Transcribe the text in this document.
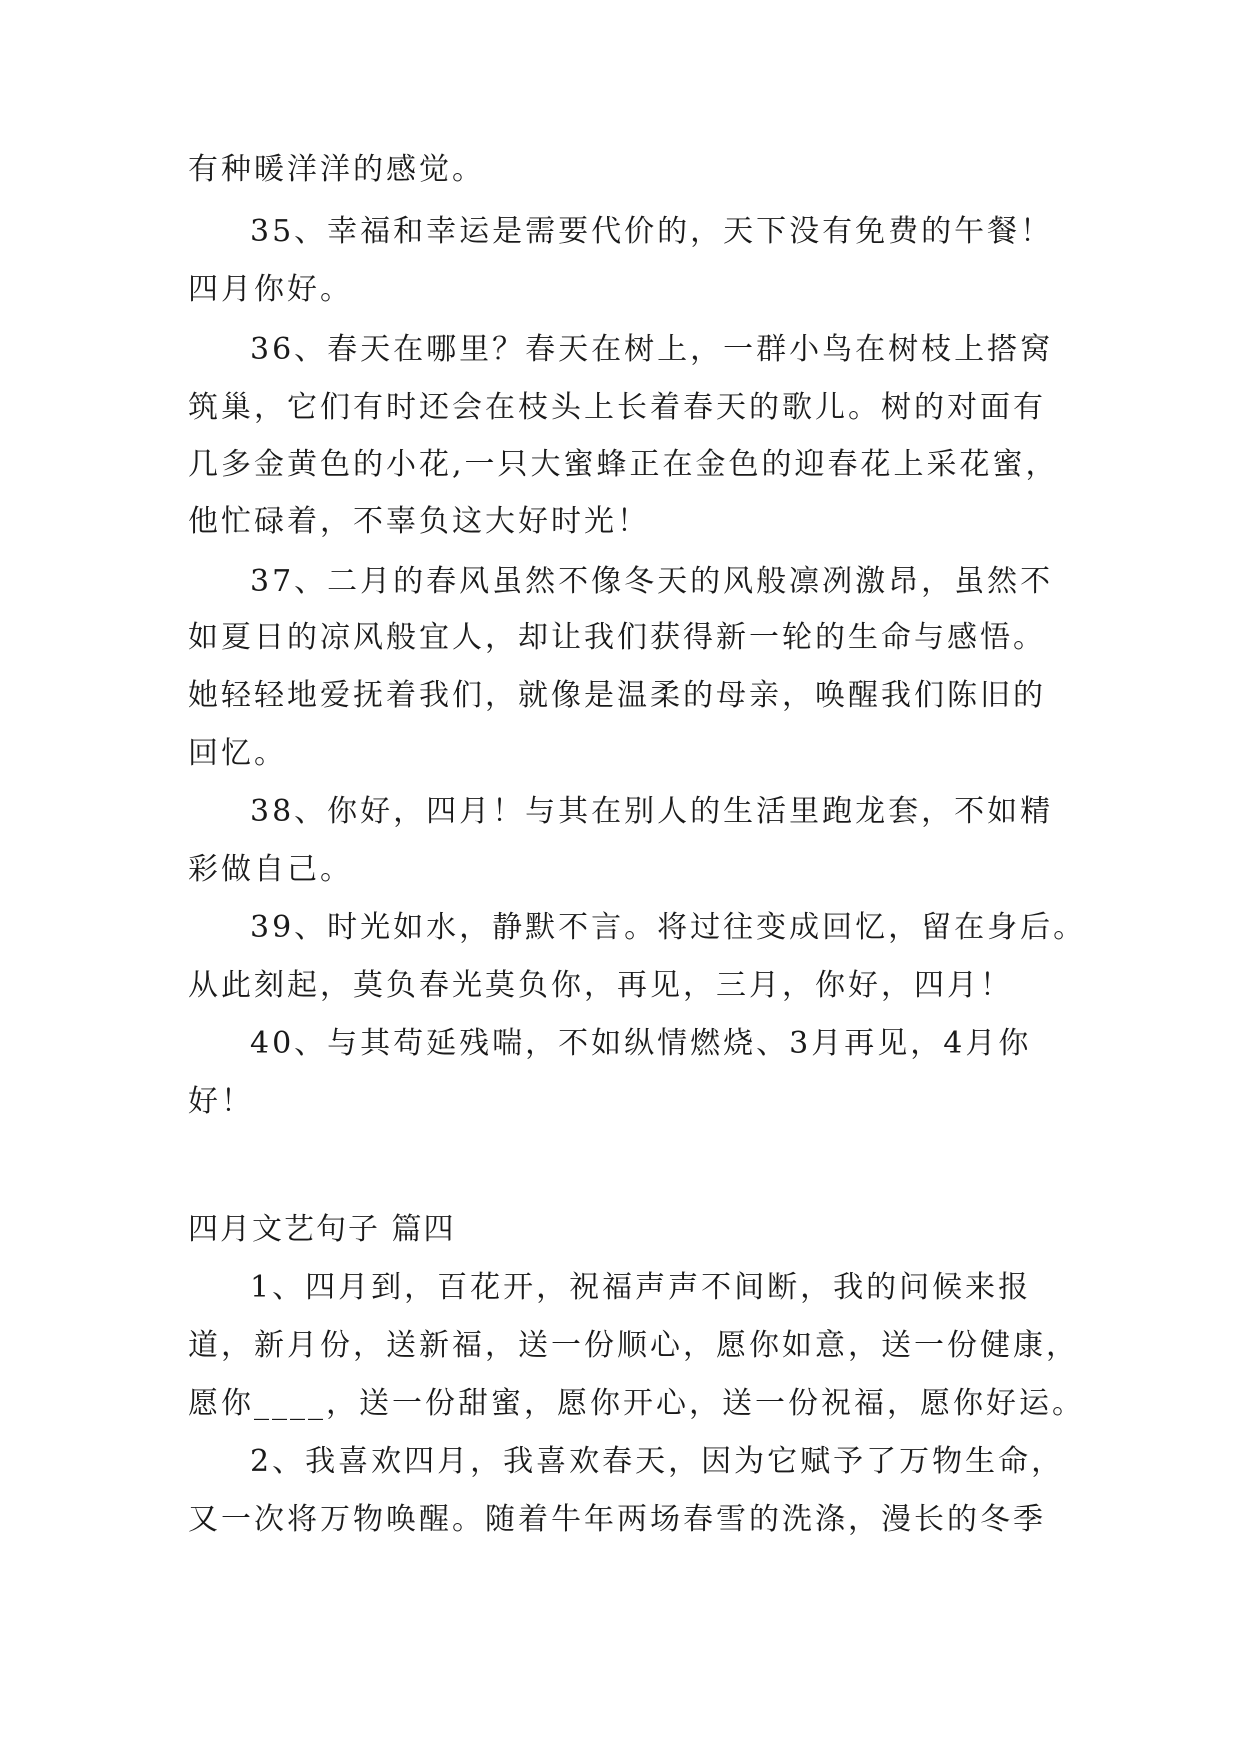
有种暖洋洋的感觉。
35、幸福和幸运是需要代价的，天下没有免费的午餐！
四月你好。
36、春天在哪里？春天在树上，一群小鸟在树枝上搭窝
筑巢，它们有时还会在枝头上长着春天的歌儿。树的对面有
几多金黄色的小花,一只大蜜蜂正在金色的迎春花上采花蜜，
他忙碌着，不辜负这大好时光！
37、二月的春风虽然不像冬天的风般凛冽激昂，虽然不
如夏日的凉风般宜人，却让我们获得新一轮的生命与感悟。
她轻轻地爱抚着我们，就像是温柔的母亲，唤醒我们陈旧的
回忆。
38、你好，四月！与其在别人的生活里跑龙套，不如精
彩做自己。
39、时光如水，静默不言。将过往变成回忆，留在身后。
从此刻起，莫负春光莫负你，再见，三月，你好，四月！
40、与其苟延残喘，不如纵情燃烧、3月再见，4月你
好！
四月文艺句子 篇四
1、四月到，百花开，祝福声声不间断，我的问候来报
道，新月份，送新福，送一份顺心，愿你如意，送一份健康，
愿你____，送一份甜蜜，愿你开心，送一份祝福，愿你好运。
2、我喜欢四月，我喜欢春天，因为它赋予了万物生命，
又一次将万物唤醒。随着牛年两场春雪的洗涤，漫长的冬季
